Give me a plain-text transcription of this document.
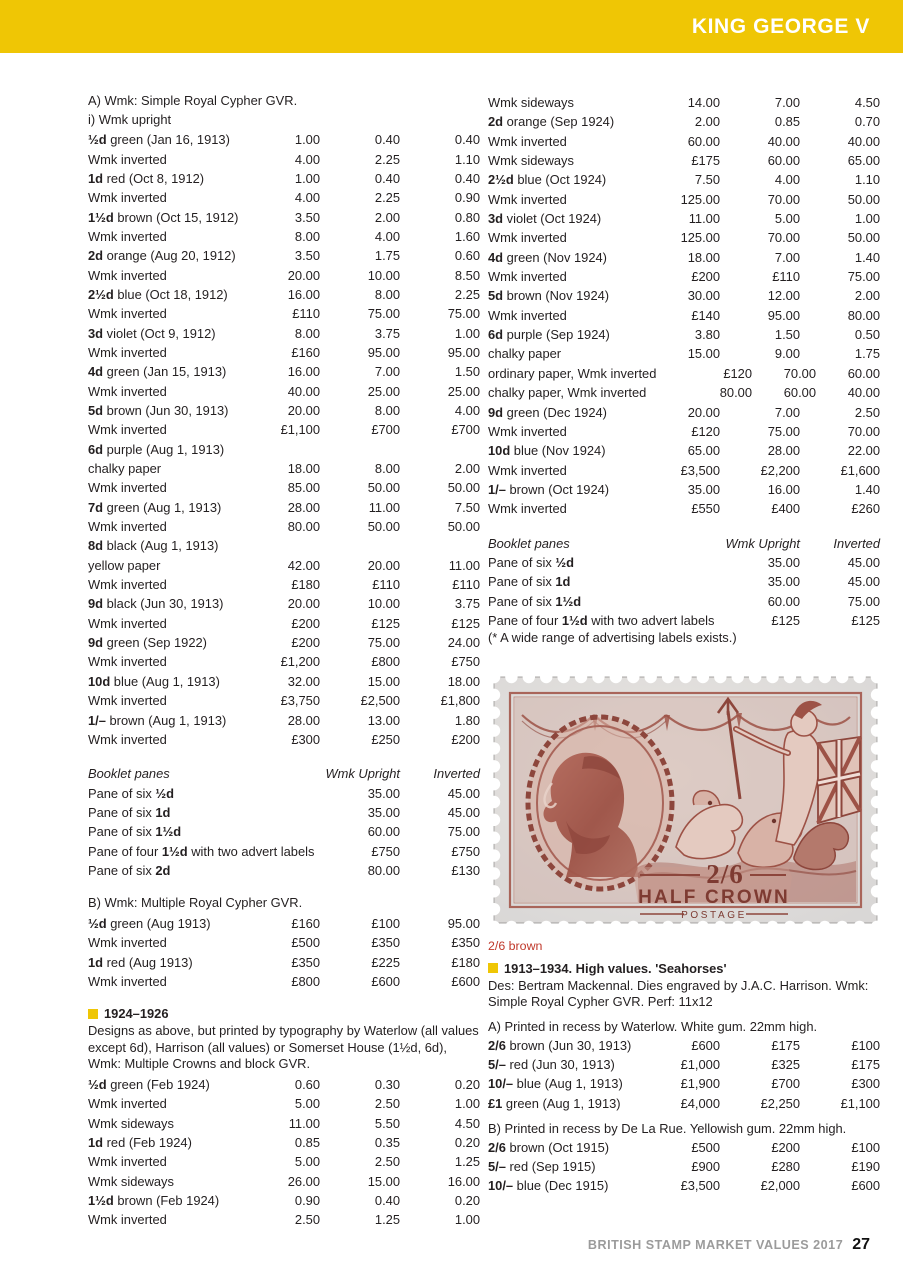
KING GEORGE V
A) Wmk: Simple Royal Cypher GVR.
i) Wmk upright
½d green (Jan 16, 1913)	1.00	0.40	0.40
Wmk inverted	4.00	2.25	1.10
1d red (Oct 8, 1912)	1.00	0.40	0.40
Wmk inverted	4.00	2.25	0.90
1½d brown (Oct 15, 1912)	3.50	2.00	0.80
Wmk inverted	8.00	4.00	1.60
2d orange (Aug 20, 1912)	3.50	1.75	0.60
Wmk inverted	20.00	10.00	8.50
2½d blue (Oct 18, 1912)	16.00	8.00	2.25
Wmk inverted	£110	75.00	75.00
3d violet (Oct 9, 1912)	8.00	3.75	1.00
Wmk inverted	£160	95.00	95.00
4d green (Jan 15, 1913)	16.00	7.00	1.50
Wmk inverted	40.00	25.00	25.00
5d brown (Jun 30, 1913)	20.00	8.00	4.00
Wmk inverted	£1,100	£700	£700
6d purple (Aug 1, 1913)
chalky paper	18.00	8.00	2.00
Wmk inverted	85.00	50.00	50.00
7d green (Aug 1, 1913)	28.00	11.00	7.50
Wmk inverted	80.00	50.00	50.00
8d black (Aug 1, 1913)
yellow paper	42.00	20.00	11.00
Wmk inverted	£180	£110	£110
9d black (Jun 30, 1913)	20.00	10.00	3.75
Wmk inverted	£200	£125	£125
9d green (Sep 1922)	£200	75.00	24.00
Wmk inverted	£1,200	£800	£750
10d blue (Aug 1, 1913)	32.00	15.00	18.00
Wmk inverted	£3,750	£2,500	£1,800
1/– brown (Aug 1, 1913)	28.00	13.00	1.80
Wmk inverted	£300	£250	£200
Booklet panes	Wmk Upright	Inverted
Pane of six ½d	35.00	45.00
Pane of six 1d	35.00	45.00
Pane of six 1½d	60.00	75.00
Pane of four 1½d with two advert labels	£750	£750
Pane of six 2d	80.00	£130
B) Wmk: Multiple Royal Cypher GVR.
½d green (Aug 1913)	£160	£100	95.00
Wmk inverted	£500	£350	£350
1d red (Aug 1913)	£350	£225	£180
Wmk inverted	£800	£600	£600
1924–1926
Designs as above, but printed by typography by Waterlow (all values except 6d), Harrison (all values) or Somerset House (1½d, 6d), Wmk: Multiple Crowns and block GVR.
½d green (Feb 1924)	0.60	0.30	0.20
Wmk inverted	5.00	2.50	1.00
Wmk sideways	11.00	5.50	4.50
1d red (Feb 1924)	0.85	0.35	0.20
Wmk inverted	5.00	2.50	1.25
Wmk sideways	26.00	15.00	16.00
1½d brown (Feb 1924)	0.90	0.40	0.20
Wmk inverted	2.50	1.25	1.00
Wmk sideways	14.00	7.00	4.50
2d orange (Sep 1924)	2.00	0.85	0.70
Wmk inverted	60.00	40.00	40.00
Wmk sideways	£175	60.00	65.00
2½d blue (Oct 1924)	7.50	4.00	1.10
Wmk inverted	125.00	70.00	50.00
3d violet (Oct 1924)	11.00	5.00	1.00
Wmk inverted	125.00	70.00	50.00
4d green (Nov 1924)	18.00	7.00	1.40
Wmk inverted	£200	£110	75.00
5d brown (Nov 1924)	30.00	12.00	2.00
Wmk inverted	£140	95.00	80.00
6d purple (Sep 1924)	3.80	1.50	0.50
chalky paper	15.00	9.00	1.75
ordinary paper, Wmk inverted	£120	70.00	60.00
chalky paper, Wmk inverted	80.00	60.00	40.00
9d green (Dec 1924)	20.00	7.00	2.50
Wmk inverted	£120	75.00	70.00
10d blue (Nov 1924)	65.00	28.00	22.00
Wmk inverted	£3,500	£2,200	£1,600
1/– brown (Oct 1924)	35.00	16.00	1.40
Wmk inverted	£550	£400	£260
Booklet panes	Wmk Upright	Inverted
Pane of six ½d	35.00	45.00
Pane of six 1d	35.00	45.00
Pane of six 1½d	60.00	75.00
Pane of four 1½d with two advert labels	£125	£125
(* A wide range of advertising labels exists.)
2/6
HALF CROWN
POSTAGE
2/6 brown
1913–1934. High values. 'Seahorses'
Des: Bertram Mackennal. Dies engraved by J.A.C. Harrison. Wmk: Simple Royal Cypher GVR. Perf: 11x12
A) Printed in recess by Waterlow. White gum. 22mm high.
2/6 brown (Jun 30, 1913)	£600	£175	£100
5/– red (Jun 30, 1913)	£1,000	£325	£175
10/– blue (Aug 1, 1913)	£1,900	£700	£300
£1 green (Aug 1, 1913)	£4,000	£2,250	£1,100
B) Printed in recess by De La Rue. Yellowish gum. 22mm high.
2/6 brown (Oct 1915)	£500	£200	£100
5/– red (Sep 1915)	£900	£280	£190
10/– blue (Dec 1915)	£3,500	£2,000	£600
BRITISH STAMP MARKET VALUES 2017 27
